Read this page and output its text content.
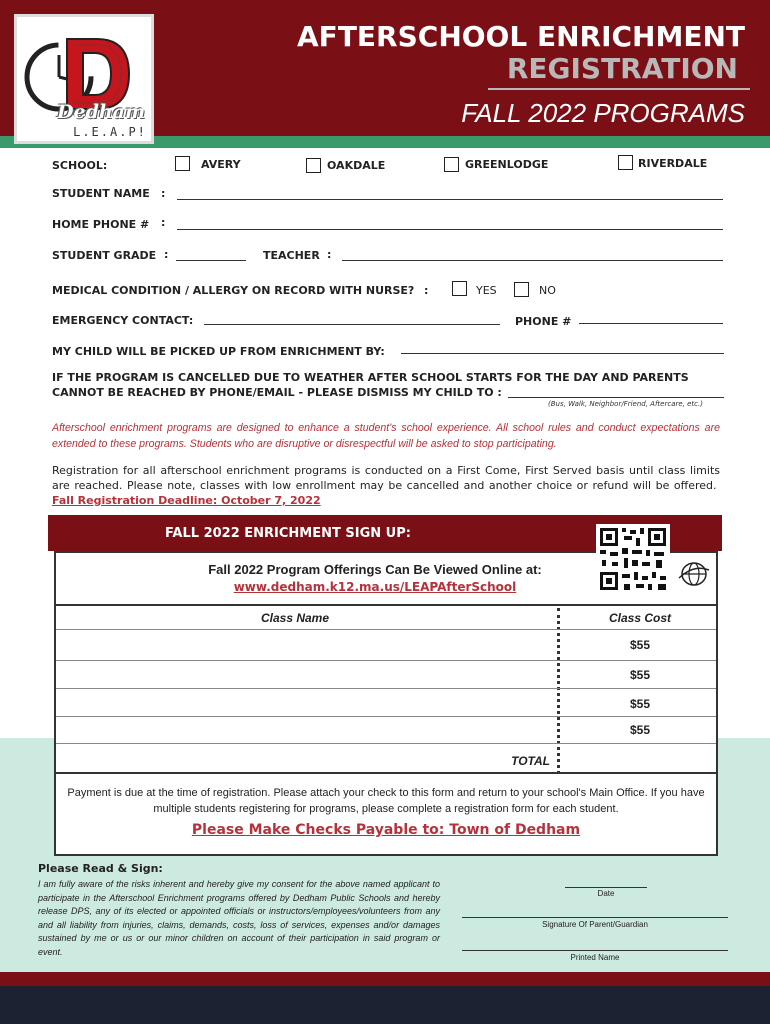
Dedham
L.E.A.P!
AFTERSCHOOL ENRICHMENT
REGISTRATION
FALL 2022 PROGRAMS
SCHOOL:	AVERY	OAKDALE	GREENLODGE	RIVERDALE
STUDENT NAME :
HOME PHONE # :
STUDENT GRADE :	TEACHER :
MEDICAL CONDITION / ALLERGY ON RECORD WITH NURSE? :	YES	NO
EMERGENCY CONTACT:	PHONE #
MY CHILD WILL BE PICKED UP FROM ENRICHMENT BY:
IF THE PROGRAM IS CANCELLED DUE TO WEATHER AFTER SCHOOL STARTS FOR THE DAY AND PARENTS
CANNOT BE REACHED BY PHONE/EMAIL - PLEASE DISMISS MY CHILD TO :
(Bus, Walk, Neighbor/Friend, Aftercare, etc.)
Afterschool enrichment programs are designed to enhance a student's school experience. All school rules and conduct expectations are extended to these programs. Students who are disruptive or disrespectful will be asked to stop participating.
Registration for all afterschool enrichment programs is conducted on a First Come, First Served basis until class limits are reached. Please note, classes with low enrollment may be cancelled and another choice or refund will be offered.  Fall Registration Deadline: October 7, 2022
FALL 2022 ENRICHMENT SIGN UP:
Fall 2022 Program Offerings Can Be Viewed Online at:
www.dedham.k12.ma.us/LEAPAfterSchool
Class Name	Class Cost
$55
$55
$55
$55
TOTAL
Payment is due at the time of registration. Please attach your check to this form and return to your school's Main Office. If you have multiple students registering for programs, please complete a registration form for each student.
Please Make Checks Payable to: Town of Dedham
Please Read & Sign:
I am fully aware of the risks inherent and hereby give my consent for the above named applicant to participate in the Afterschool Enrichment programs offered by Dedham Public Schools and hereby release DPS, any of its elected or appointed officials or instructors/employees/volunteers from any and all liability from injuries, claims, demands, costs, loss of services, expenses and/or damages sustained by me or us or our minor children on account of their participation in said program or event.
Date
Signature Of Parent/Guardian
Printed Name
